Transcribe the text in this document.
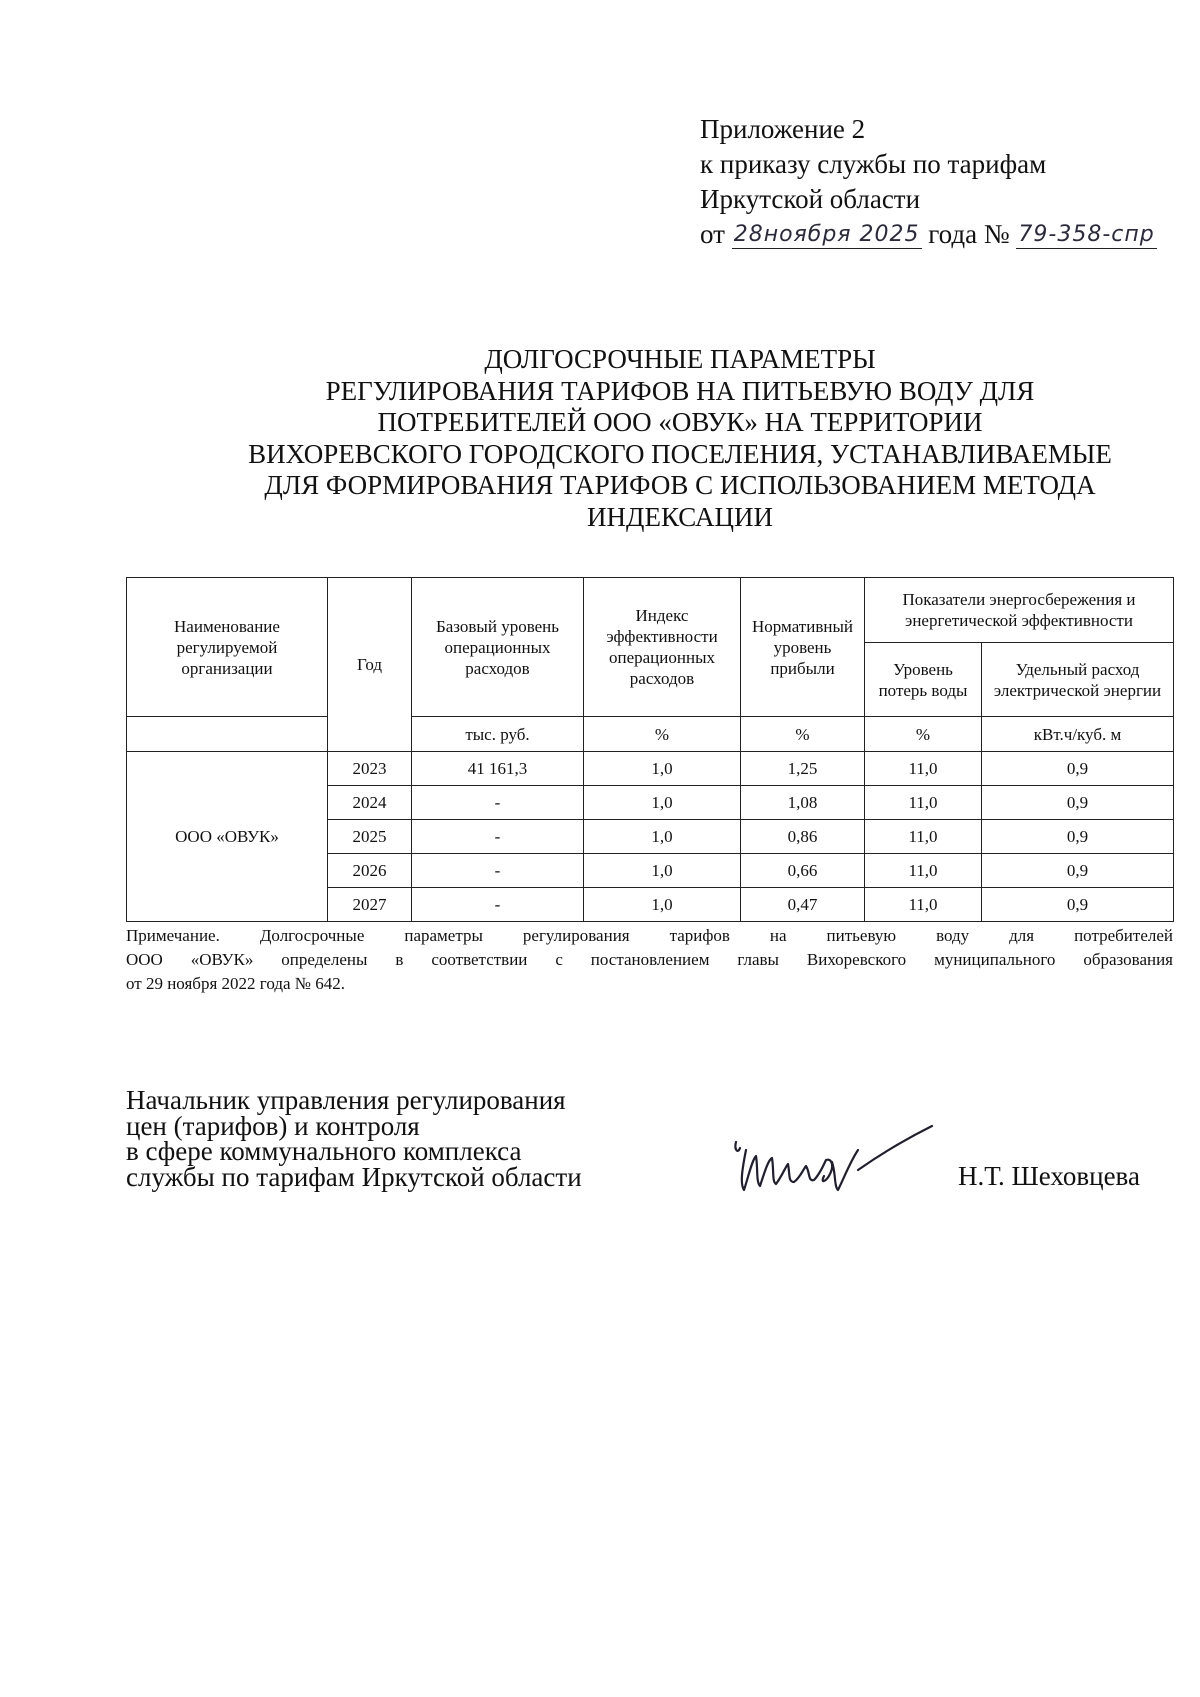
Приложение 2
к приказу службы по тарифам
Иркутской области
от 28ноября 2025 года № 79-358-спр
ДОЛГОСРОЧНЫЕ ПАРАМЕТРЫ
РЕГУЛИРОВАНИЯ ТАРИФОВ НА ПИТЬЕВУЮ ВОДУ ДЛЯ
ПОТРЕБИТЕЛЕЙ ООО «ОВУК» НА ТЕРРИТОРИИ
ВИХОРЕВСКОГО ГОРОДСКОГО ПОСЕЛЕНИЯ, УСТАНАВЛИВАЕМЫЕ
ДЛЯ ФОРМИРОВАНИЯ ТАРИФОВ С ИСПОЛЬЗОВАНИЕМ МЕТОДА
ИНДЕКСАЦИИ
Наименование регулируемой организации	Год	Базовый уровень операционных расходов	Индекс эффективности операционных расходов	Нормативный уровень прибыли	Показатели энергосбережения и энергетической эффективности	
					Уровень потерь воды	Удельный расход электрической энергии
		тыс. руб.	%	%	%	кВт.ч/куб. м
ООО «ОВУК»	2023	41 161,3	1,0	1,25	11,0	0,9
	2024	-	1,0	1,08	11,0	0,9
	2025	-	1,0	0,86	11,0	0,9
	2026	-	1,0	0,66	11,0	0,9
	2027	-	1,0	0,47	11,0	0,9
Примечание. Долгосрочные параметры регулирования тарифов на питьевую воду для потребителей
ООО «ОВУК» определены в соответствии с постановлением главы Вихоревского муниципального образования
от 29 ноября 2022 года № 642.
Начальник управления регулирования
цен (тарифов) и контроля
в сфере коммунального комплекса
службы по тарифам Иркутской области	Н.Т. Шеховцева
